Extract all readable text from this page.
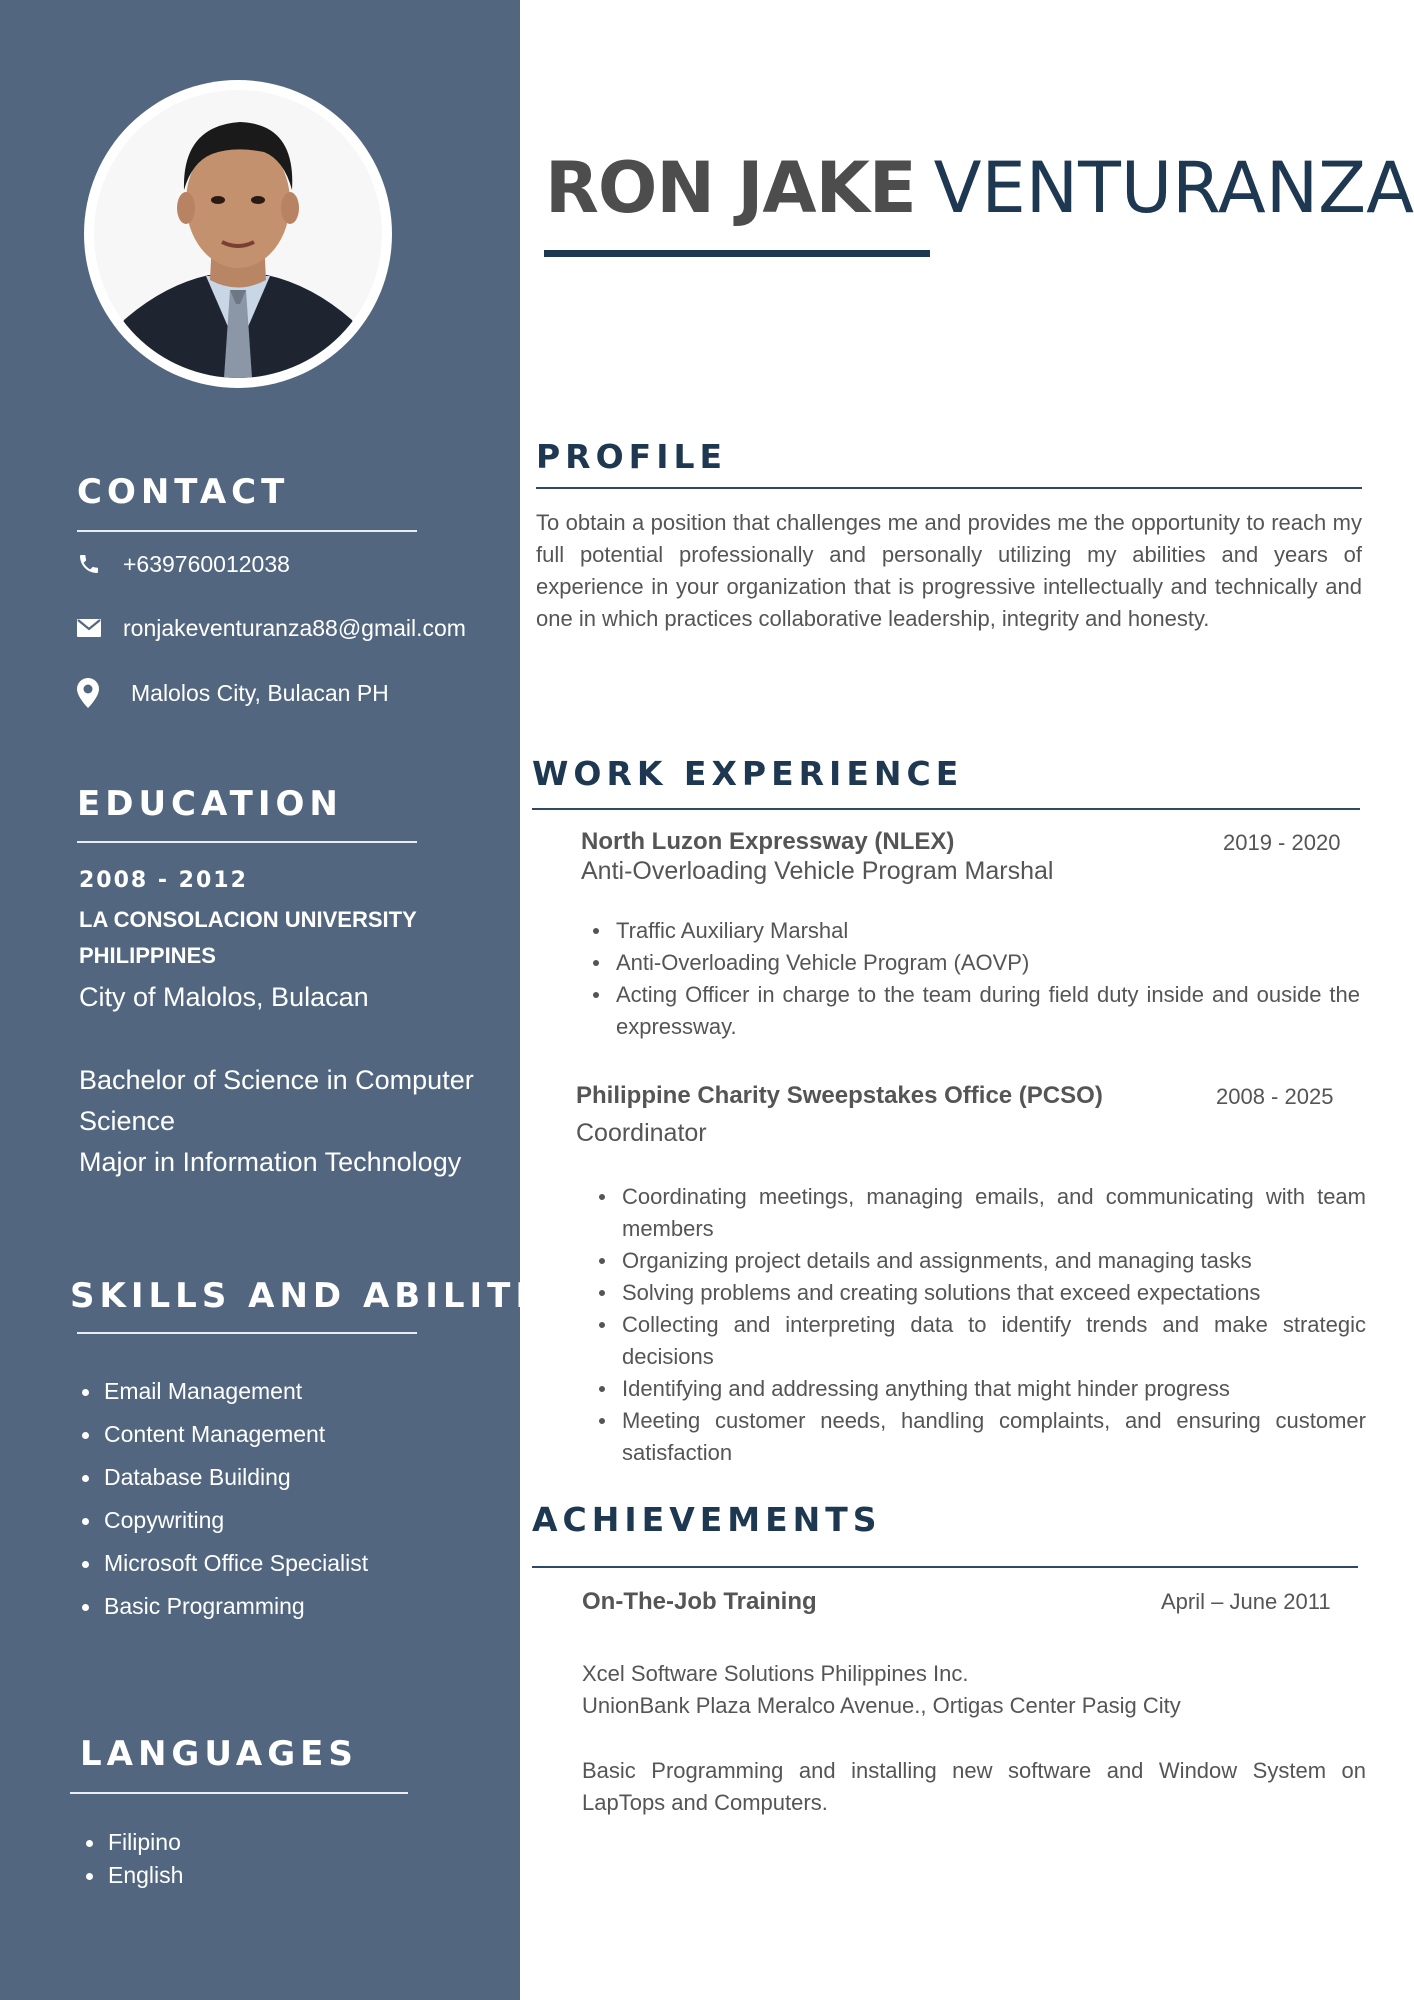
CONTACT
+639760012038
ronjakeventuranza88@gmail.com
Malolos City, Bulacan PH
EDUCATION
2008 - 2012
LA CONSOLACION UNIVERSITY PHILIPPINES
City of Malolos, Bulacan
Bachelor of Science in Computer Science
Major in Information Technology
SKILLS AND ABILITIES
Email Management
Content Management
Database Building
Copywriting
Microsoft Office Specialist
Basic Programming
LANGUAGES
Filipino
English
RON JAKE VENTURANZA
PROFILE
To obtain a position that challenges me and provides me the opportunity to reach my full potential professionally and personally utilizing my abilities and years of experience in your organization that is progressive intellectually and technically and one in which practices collaborative leadership, integrity and honesty.
WORK EXPERIENCE
North Luzon Expressway (NLEX)	2019 - 2020
Anti-Overloading Vehicle Program Marshal
Traffic Auxiliary Marshal
Anti-Overloading Vehicle Program (AOVP)
Acting Officer in charge to the team during field duty inside and ouside the expressway.
Philippine Charity Sweepstakes Office (PCSO)	2008 - 2025
Coordinator
Coordinating meetings, managing emails, and communicating with team members
Organizing project details and assignments, and managing tasks
Solving problems and creating solutions that exceed expectations
Collecting and interpreting data to identify trends and make strategic decisions
Identifying and addressing anything that might hinder progress
Meeting customer needs, handling complaints, and ensuring customer satisfaction
ACHIEVEMENTS
On-The-Job Training	April – June 2011
Xcel Software Solutions Philippines Inc.
UnionBank Plaza Meralco Avenue., Ortigas Center Pasig City
Basic Programming and installing new software and Window System on LapTops and Computers.
